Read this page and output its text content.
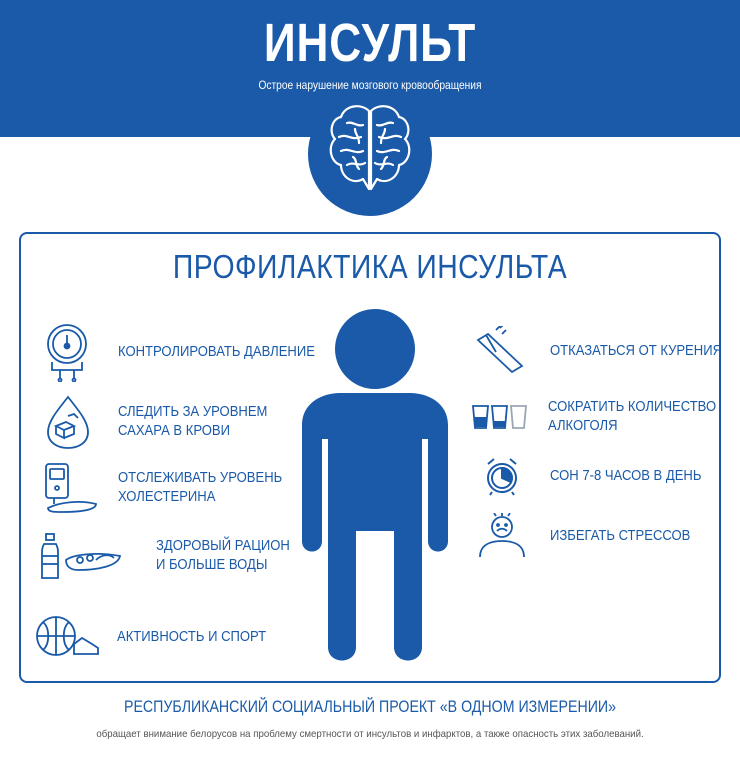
ИНСУЛЬТ
Острое нарушение мозгового кровообращения
ПРОФИЛАКТИКА ИНСУЛЬТА
КОНТРОЛИРОВАТЬ ДАВЛЕНИЕ
СЛЕДИТЬ ЗА УРОВНЕМ
САХАРА В КРОВИ
ОТСЛЕЖИВАТЬ УРОВЕНЬ
ХОЛЕСТЕРИНА
ЗДОРОВЫЙ РАЦИОН
И БОЛЬШЕ ВОДЫ
АКТИВНОСТЬ И СПОРТ
ОТКАЗАТЬСЯ ОТ КУРЕНИЯ
СОКРАТИТЬ КОЛИЧЕСТВО
АЛКОГОЛЯ
СОН 7-8 ЧАСОВ В ДЕНЬ
ИЗБЕГАТЬ СТРЕССОВ
РЕСПУБЛИКАНСКИЙ СОЦИАЛЬНЫЙ ПРОЕКТ «В ОДНОМ ИЗМЕРЕНИИ»
обращает внимание белорусов на проблему смертности от инсультов и инфарктов, а также опасность этих заболеваний.
